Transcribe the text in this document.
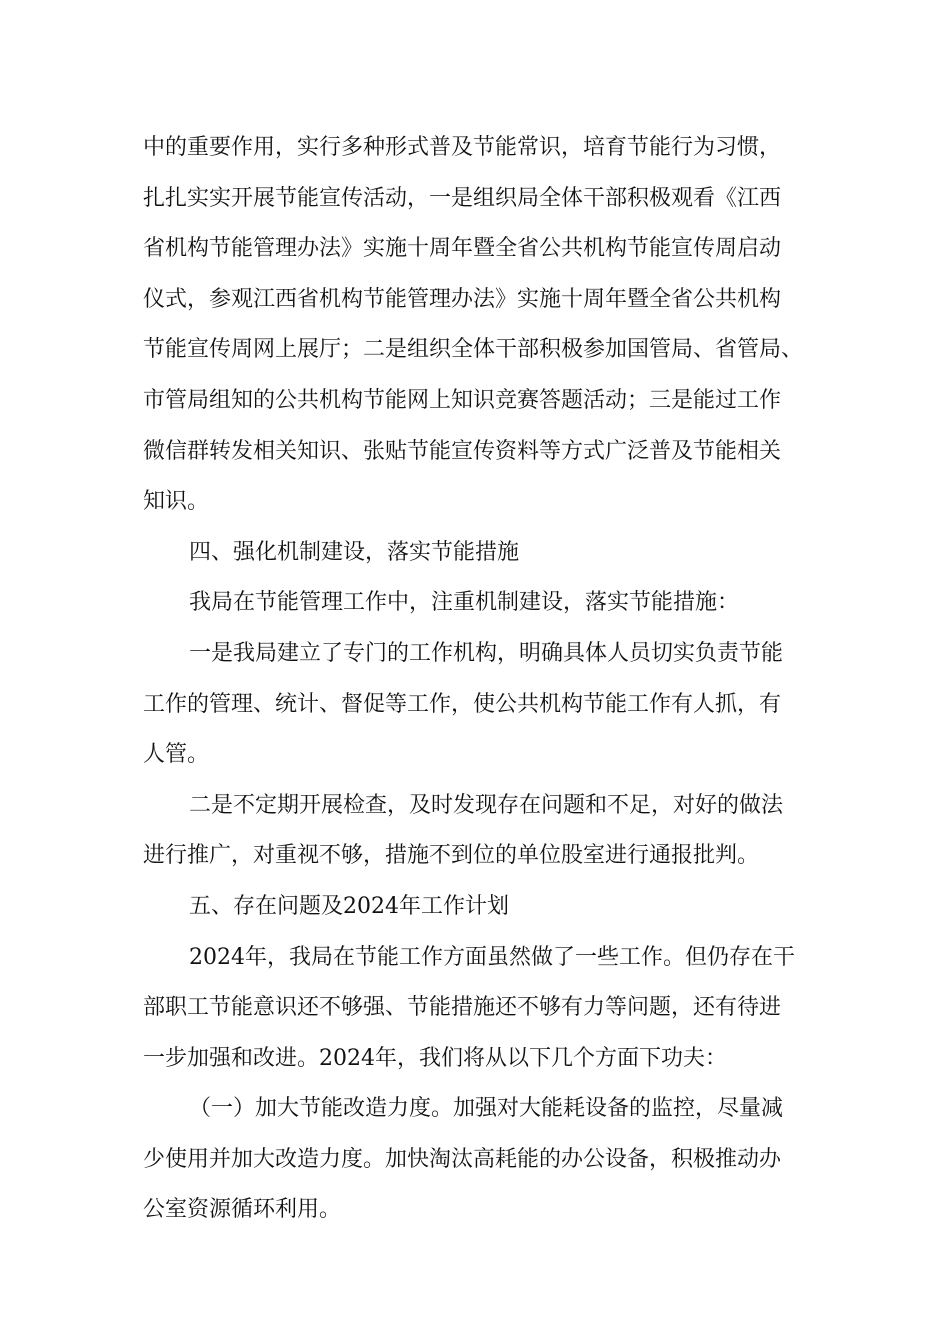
中的重要作用，实行多种形式普及节能常识，培育节能行为习惯，
扎扎实实开展节能宣传活动，一是组织局全体干部积极观看《江西
省机构节能管理办法》实施十周年暨全省公共机构节能宣传周启动
仪式，参观江西省机构节能管理办法》实施十周年暨全省公共机构
节能宣传周网上展厅；二是组织全体干部积极参加国管局、省管局、
市管局组知的公共机构节能网上知识竞赛答题活动；三是能过工作
微信群转发相关知识、张贴节能宣传资料等方式广泛普及节能相关
知识。
四、强化机制建设，落实节能措施
我局在节能管理工作中，注重机制建设，落实节能措施：
一是我局建立了专门的工作机构，明确具体人员切实负责节能
工作的管理、统计、督促等工作，使公共机构节能工作有人抓，有
人管。
二是不定期开展检查，及时发现存在问题和不足，对好的做法
进行推广，对重视不够，措施不到位的单位股室进行通报批判。
五、存在问题及2024年工作计划
2024年，我局在节能工作方面虽然做了一些工作。但仍存在干
部职工节能意识还不够强、节能措施还不够有力等问题，还有待进
一步加强和改进。2024年，我们将从以下几个方面下功夫：
（一）加大节能改造力度。加强对大能耗设备的监控，尽量减
少使用并加大改造力度。加快淘汰高耗能的办公设备，积极推动办
公室资源循环利用。
